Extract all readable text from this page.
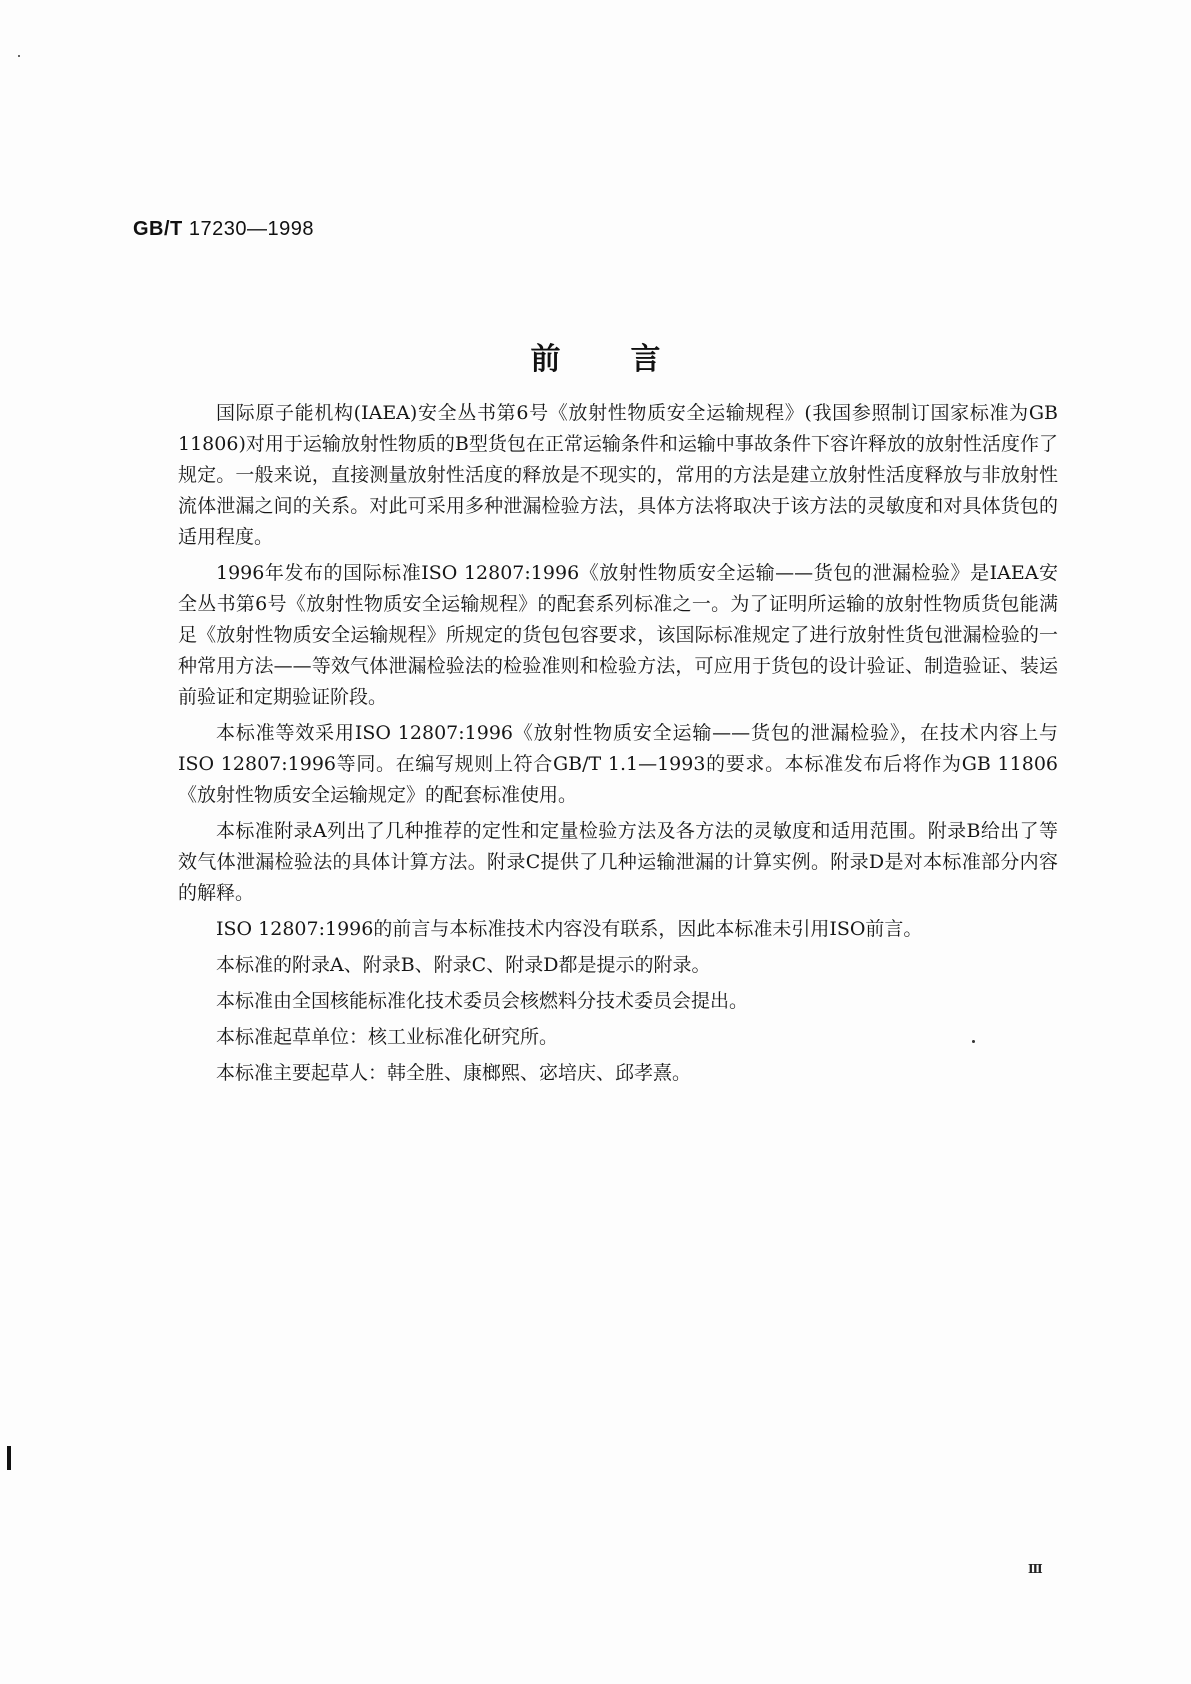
GB/T 17230—1998
前言

国际原子能机构(IAEA)安全丛书第6号《放射性物质安全运输规程》(我国参照制订国家标准为GB 11806)对用于运输放射性物质的B型货包在正常运输条件和运输中事故条件下容许释放的放射性活度作了规定。一般来说，直接测量放射性活度的释放是不现实的，常用的方法是建立放射性活度释放与非放射性流体泄漏之间的关系。对此可采用多种泄漏检验方法，具体方法将取决于该方法的灵敏度和对具体货包的适用程度。

1996年发布的国际标准ISO 12807:1996《放射性物质安全运输——货包的泄漏检验》是IAEA安全丛书第6号《放射性物质安全运输规程》的配套系列标准之一。为了证明所运输的放射性物质货包能满足《放射性物质安全运输规程》所规定的货包包容要求，该国际标准规定了进行放射性货包泄漏检验的一种常用方法——等效气体泄漏检验法的检验准则和检验方法，可应用于货包的设计验证、制造验证、装运前验证和定期验证阶段。

本标准等效采用ISO 12807:1996《放射性物质安全运输——货包的泄漏检验》，在技术内容上与ISO 12807:1996等同。在编写规则上符合GB/T 1.1—1993的要求。本标准发布后将作为GB 11806《放射性物质安全运输规定》的配套标准使用。

本标准附录A列出了几种推荐的定性和定量检验方法及各方法的灵敏度和适用范围。附录B给出了等效气体泄漏检验法的具体计算方法。附录C提供了几种运输泄漏的计算实例。附录D是对本标准部分内容的解释。

ISO 12807:1996的前言与本标准技术内容没有联系，因此本标准未引用ISO前言。

本标准的附录A、附录B、附录C、附录D都是提示的附录。

本标准由全国核能标准化技术委员会核燃料分技术委员会提出。

本标准起草单位：核工业标准化研究所。

本标准主要起草人：韩全胜、康榔熙、宓培庆、邱孝熹。

Ⅲ
